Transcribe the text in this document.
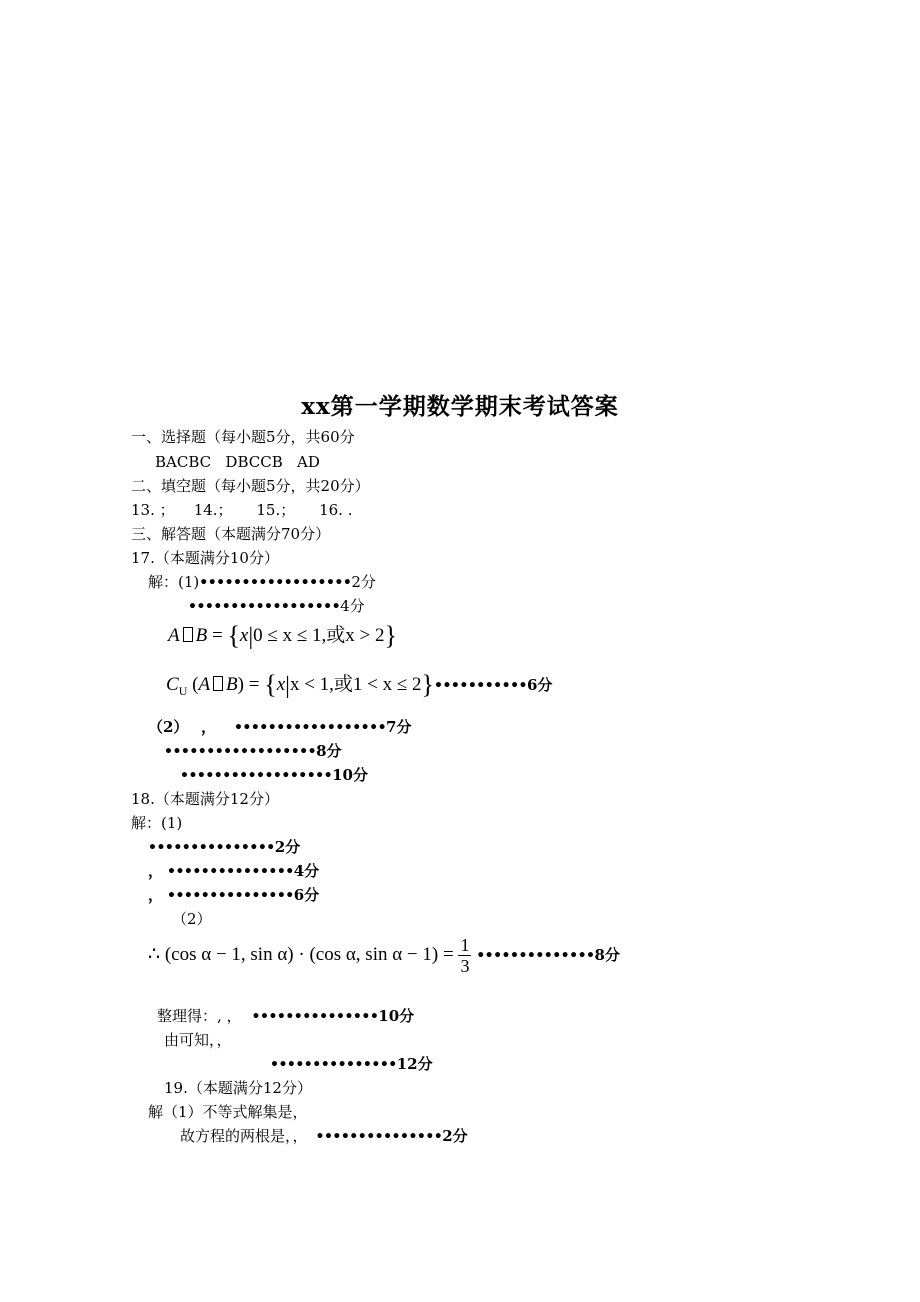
xx第一学期数学期末考试答案
一、选择题（每小题5分，共60分
BACBC   DBCCB   AD
二、填空题（每小题5分，共20分）
13. ；    14.；     15.；     16. .
三、解答题（本题满分70分）
17.（本题满分10分）
解：(1)••••••••••••••••••2分
••••••••••••••••••4分
A B = {x|0 ≤ x ≤ 1,或x > 2}
$C_U$ (A B) = {x|x < 1,或1 < x ≤ 2}•••••••••••6分
（2） ， ••••••••••••••••••7分
••••••••••••••••••8分
••••••••••••••••••10分
18.（本题满分12分）
解：(1)
•••••••••••••••2分
， •••••••••••••••4分
， •••••••••••••••6分
（2）
∴ (cos α − 1, sin α) · (cos α, $\sin \alpha - 1) = \frac{1}{3}$ ••••••••••••••8分
整理得：, ， •••••••••••••••10分
由可知，，
•••••••••••••••12分
19.（本题满分12分）
解（1）不等式解集是，
故方程的两根是，， •••••••••••••••2分
